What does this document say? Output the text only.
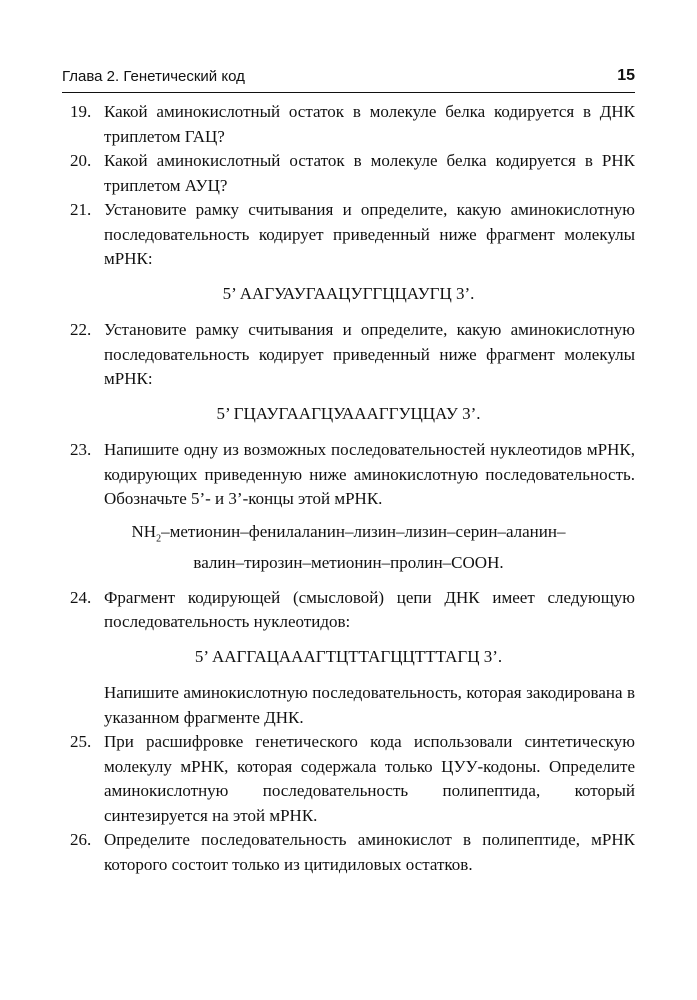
Глава 2. Генетический код	15
19. Какой аминокислотный остаток в молекуле белка кодируется в ДНК триплетом ГАЦ?
20. Какой аминокислотный остаток в молекуле белка кодируется в РНК триплетом АУЦ?
21. Установите рамку считывания и определите, какую аминокислотную последовательность кодирует приведенный ниже фрагмент молекулы мРНК:
5’ ААГУАУГААЦУГГЦЦАУГЦ 3’.
22. Установите рамку считывания и определите, какую аминокислотную последовательность кодирует приведенный ниже фрагмент молекулы мРНК:
5’ ГЦАУГААГЦУАААГГУЦЦАУ 3’.
23. Напишите одну из возможных последовательностей нуклеотидов мРНК, кодирующих приведенную ниже аминокислотную последовательность. Обозначьте 5’- и 3’-концы этой мРНК.
$NH_2-метионин-фенилаланин-лизин-лизин-серин-аланин-$
валин–тирозин–метионин–пролин–COOH.
24. Фрагмент кодирующей (смысловой) цепи ДНК имеет следующую последовательность нуклеотидов:
5’ ААГГАЦАААГТЦТТАГЦЦТТТАГЦ 3’.
Напишите аминокислотную последовательность, которая закодирована в указанном фрагменте ДНК.
25. При расшифровке генетического кода использовали синтетическую молекулу мРНК, которая содержала только ЦУУ-кодоны. Определите аминокислотную последовательность полипептида, который синтезируется на этой мРНК.
26. Определите последовательность аминокислот в полипептиде, мРНК которого состоит только из цитидиловых остатков.
